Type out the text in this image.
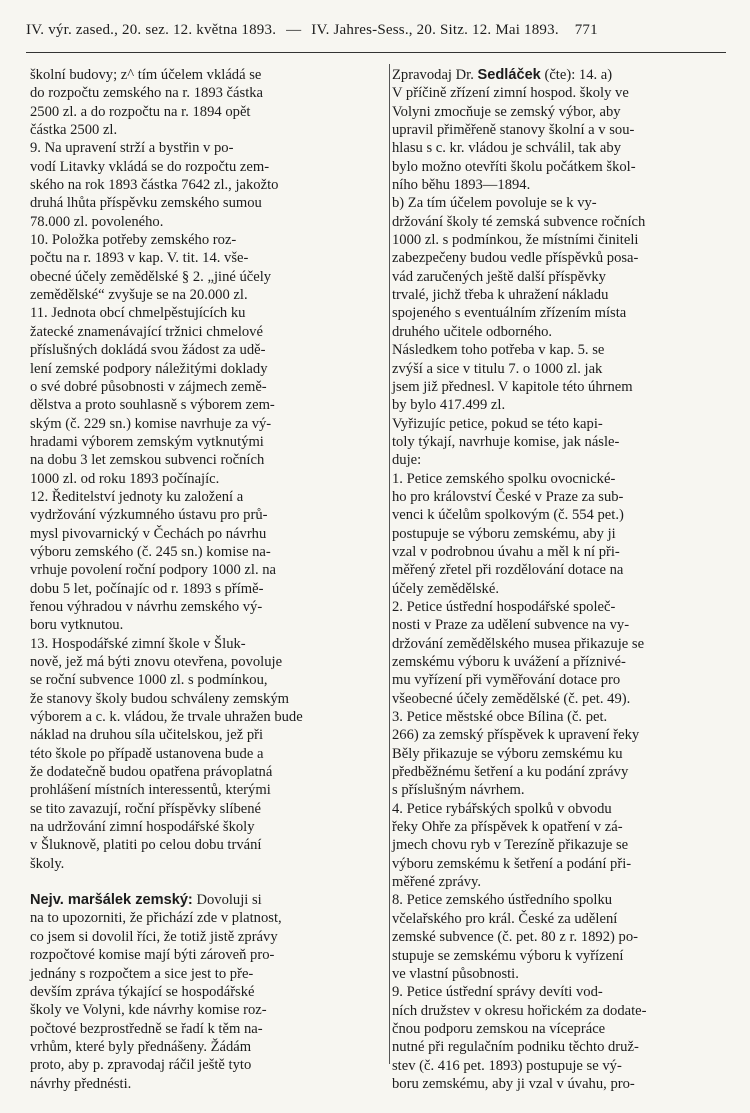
IV. výr. zased., 20. sez. 12. května 1893. — IV. Jahres-Sess., 20. Sitz. 12. Mai 1893. 771
školní budovy; z^ tím účelem vkládá se
do rozpočtu zemského na r. 1893 částka
2500 zl. a do rozpočtu na r. 1894 opět
částka 2500 zl.
9. Na upravení strží a bystřin v po-
vodí Litavky vkládá se do rozpočtu zem-
ského na rok 1893 částka 7642 zl., jakožto
druhá lhůta příspěvku zemského sumou
78.000 zl. povoleného.
10. Položka potřeby zemského roz-
počtu na r. 1893 v kap. V. tit. 14. vše-
obecné účely zemědělské § 2. „jiné účely
zemědělské“ zvyšuje se na 20.000 zl.
11. Jednota obcí chmelpěstujících ku
žatecké znamenávající tržnici chmelové
příslušných dokládá svou žádost za udě-
lení zemské podpory náležitými doklady
o své dobré působnosti v zájmech země-
dělstva a proto souhlasně s výborem zem-
ským (č. 229 sn.) komise navrhuje za vý-
hradami výborem zemským vytknutými
na dobu 3 let zemskou subvenci ročních
1000 zl. od roku 1893 počínajíc.
12. Ředitelství jednoty ku založení a
vydržování výzkumného ústavu pro prů-
mysl pivovarnický v Čechách po návrhu
výboru zemského (č. 245 sn.) komise na-
vrhuje povolení roční podpory 1000 zl. na
dobu 5 let, počínajíc od r. 1893 s přímě-
řenou výhradou v návrhu zemského vý-
boru vytknutou.
13. Hospodářské zimní škole v Šluk-
nově, jež má býti znovu otevřena, povoluje
se roční subvence 1000 zl. s podmínkou,
že stanovy školy budou schváleny zemským
výborem a c. k. vládou, že trvale uhražen bude
náklad na druhou síla učitelskou, jež při
této škole po případě ustanovena bude a
že dodatečně budou opatřena právoplatná
prohlášení místních interessentů, kterými
se tito zavazují, roční příspěvky slíbené
na udržování zimní hospodářské školy
v Šluknově, platiti po celou dobu trvání
školy.
Nejv. maršálek zemský: Dovoluji si
na to upozorniti, že přichází zde v platnost,
co jsem si dovolil říci, že totiž jistě zprávy
rozpočtové komise mají býti zároveň pro-
jednány s rozpočtem a sice jest to pře-
devším zpráva týkající se hospodářské
školy ve Volyni, kde návrhy komise roz-
počtové bezprostředně se řadí k těm na-
vrhům, které byly přednášeny. Žádám
proto, aby p. zpravodaj ráčil ještě tyto
návrhy přednésti.
Zpravodaj Dr. Sedláček (čte): 14. a)
V příčině zřízení zimní hospod. školy ve
Volyni zmocňuje se zemský výbor, aby
upravil přiměřeně stanovy školní a v sou-
hlasu s c. kr. vládou je schválil, tak aby
bylo možno otevříti školu počátkem škol-
ního běhu 1893—1894.
b) Za tím účelem povoluje se k vy-
držování školy té zemská subvence ročních
1000 zl. s podmínkou, že místními činiteli
zabezpečeny budou vedle příspěvků posa-
vád zaručených ještě další příspěvky
trvalé, jichž třeba k uhražení nákladu
spojeného s eventuálním zřízením místa
druhého učitele odborného.
Následkem toho potřeba v kap. 5. se
zvýší a sice v titulu 7. o 1000 zl. jak
jsem již přednesl. V kapitole této úhrnem
by bylo 417.499 zl.
Vyřizujíc petice, pokud se této kapi-
toly týkají, navrhuje komise, jak násle-
duje:
1. Petice zemského spolku ovocnické-
ho pro království České v Praze za sub-
venci k účelům spolkovým (č. 554 pet.)
postupuje se výboru zemskému, aby ji
vzal v podrobnou úvahu a měl k ní při-
měřený zřetel při rozdělování dotace na
účely zemědělské.
2. Petice ústřední hospodářské společ-
nosti v Praze za udělení subvence na vy-
držování zemědělského musea přikazuje se
zemskému výboru k uvážení a příznivé-
mu vyřízení při vyměřování dotace pro
všeobecné účely zemědělské (č. pet. 49).
3. Petice městské obce Bílina (č. pet.
266) za zemský příspěvek k upravení řeky
Běly přikazuje se výboru zemskému ku
předběžnému šetření a ku podání zprávy
s příslušným návrhem.
4. Petice rybářských spolků v obvodu
řeky Ohře za příspěvek k opatření v zá-
jmech chovu ryb v Terezíně přikazuje se
výboru zemskému k šetření a podání při-
měřené zprávy.
8. Petice zemského ústředního spolku
včelařského pro král. České za udělení
zemské subvence (č. pet. 80 z r. 1892) po-
stupuje se zemskému výboru k vyřízení
ve vlastní působnosti.
9. Petice ústřední správy devíti vod-
ních družstev v okresu hořickém za dodate-
čnou podporu zemskou na vícepráce
nutné při regulačním podniku těchto druž-
stev (č. 416 pet. 1893) postupuje se vý-
boru zemskému, aby ji vzal v úvahu, pro-
